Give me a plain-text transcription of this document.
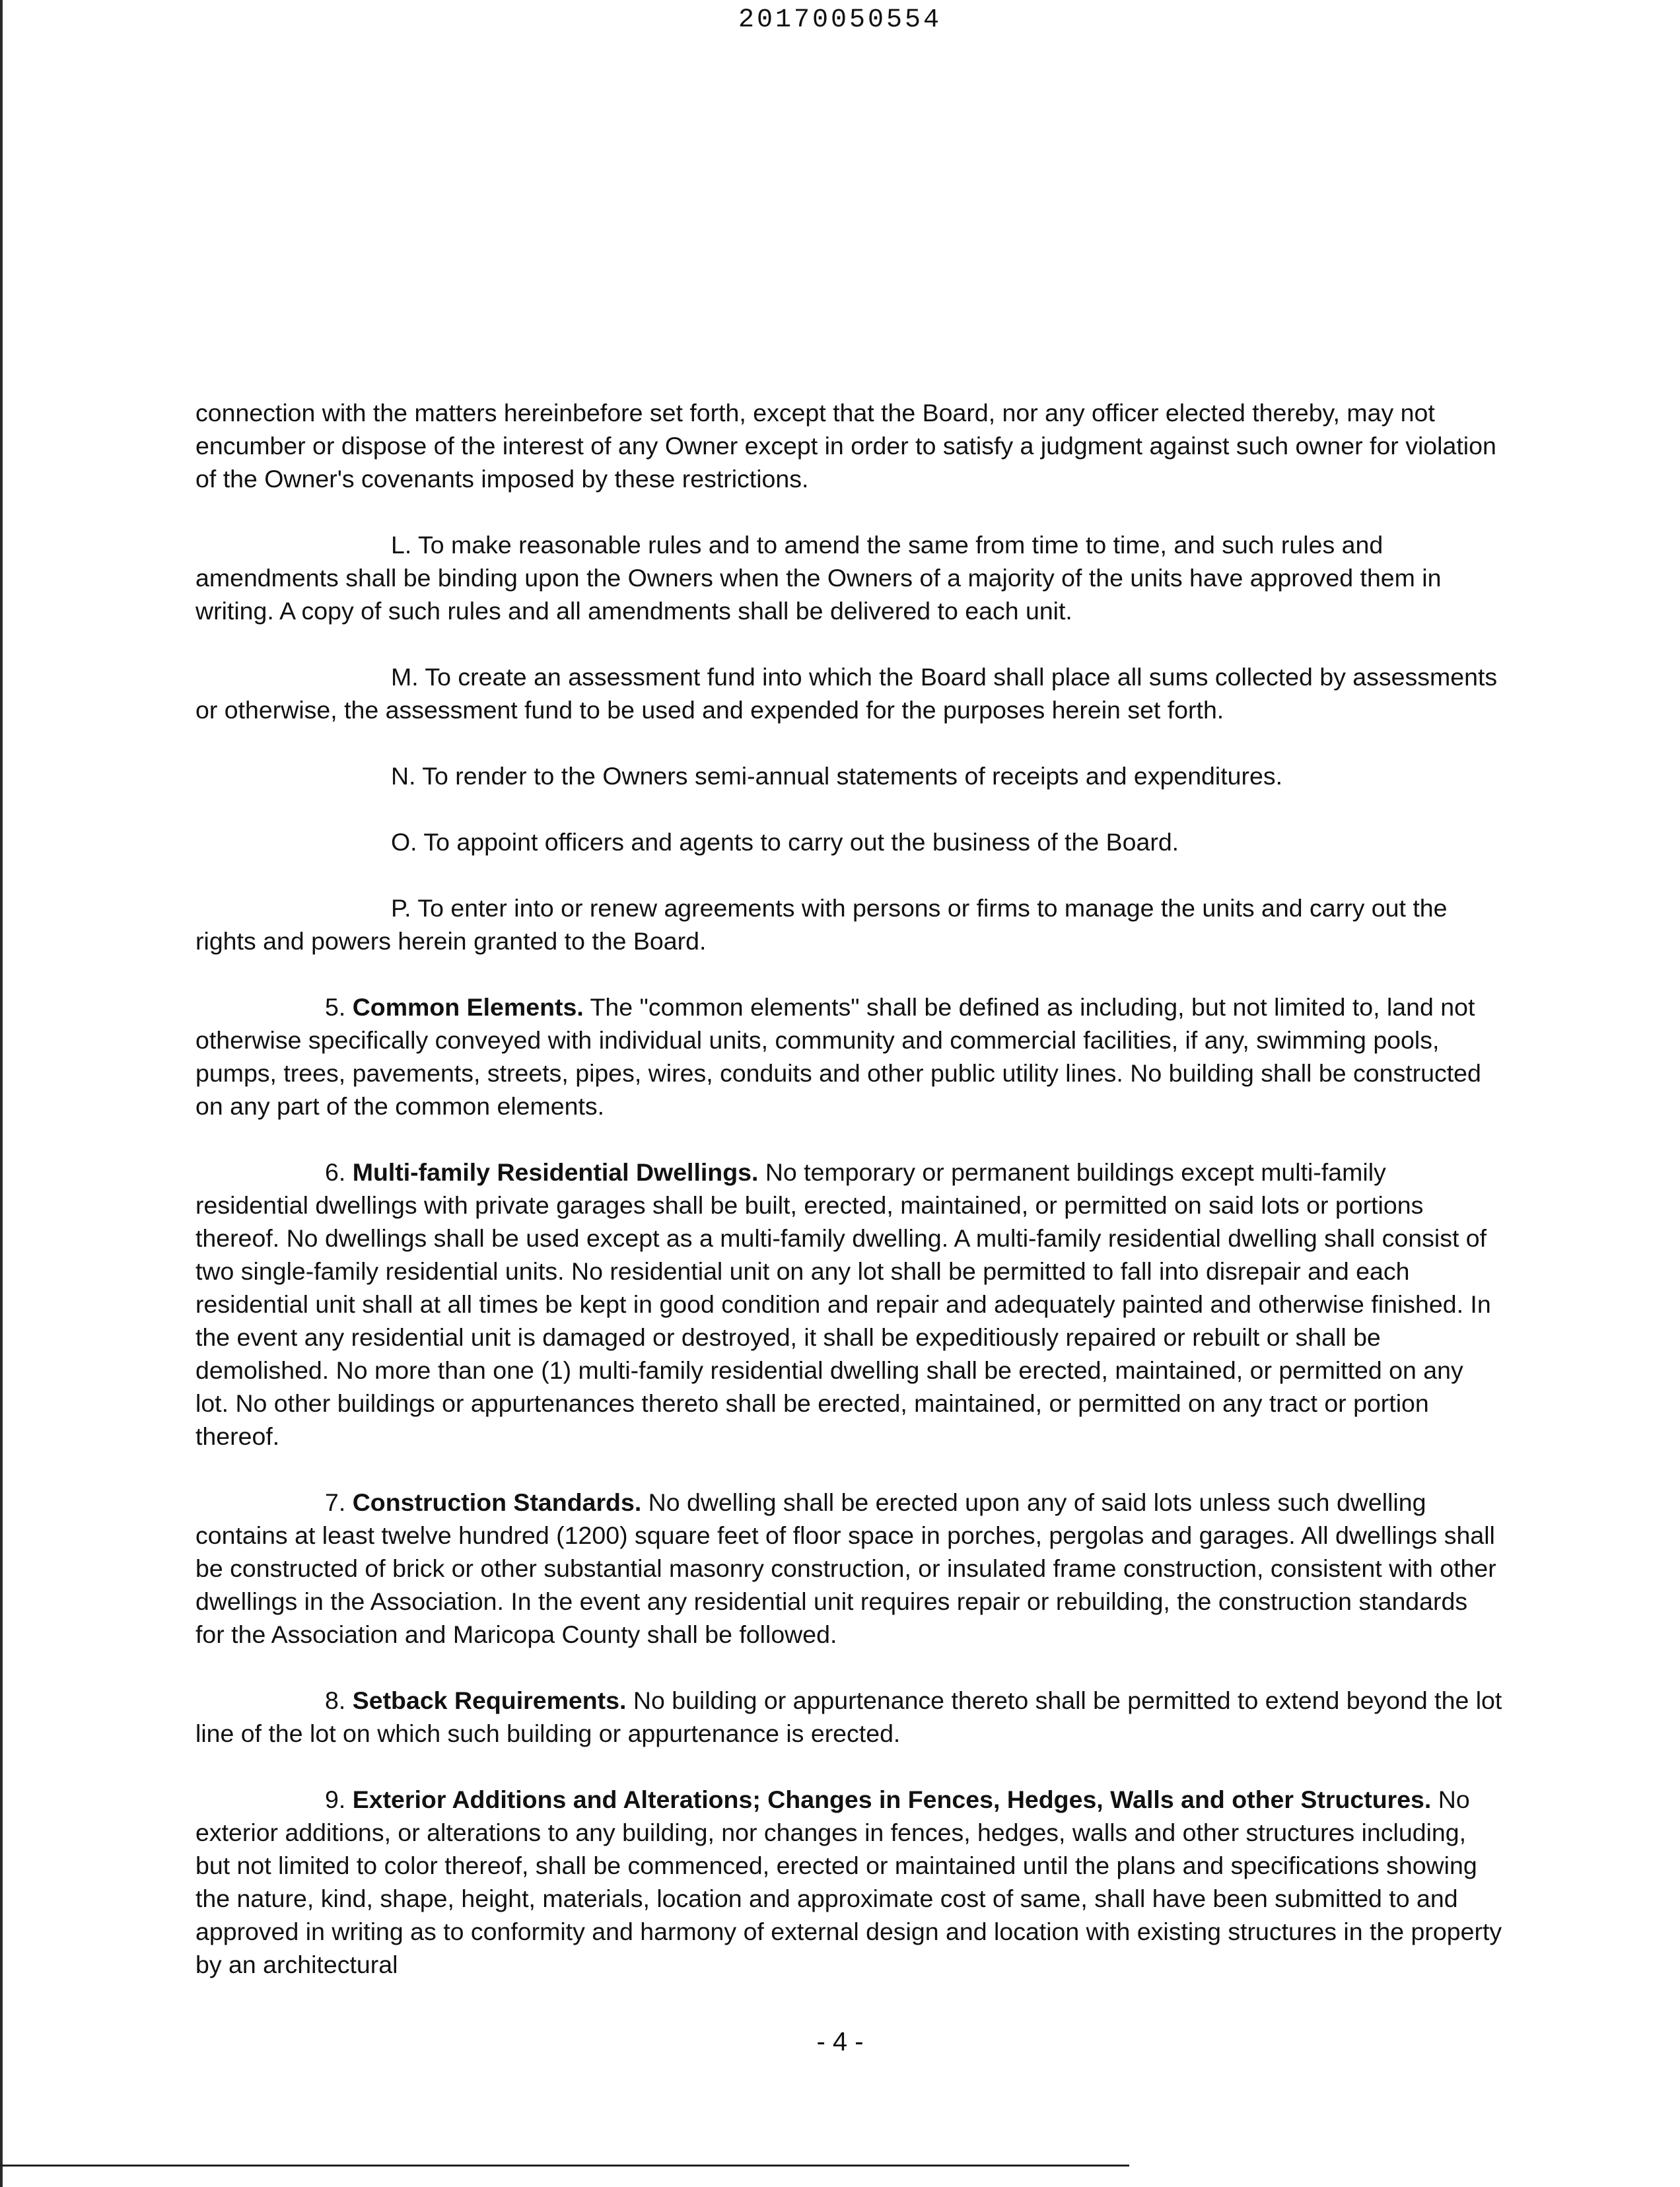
20170050554

connection with the matters hereinbefore set forth, except that the Board, nor any officer elected thereby, may not encumber or dispose of the interest of any Owner except in order to satisfy a judgment against such owner for violation of the Owner's covenants imposed by these restrictions.

L. To make reasonable rules and to amend the same from time to time, and such rules and amendments shall be binding upon the Owners when the Owners of a majority of the units have approved them in writing. A copy of such rules and all amendments shall be delivered to each unit.

M. To create an assessment fund into which the Board shall place all sums collected by assessments or otherwise, the assessment fund to be used and expended for the purposes herein set forth.

N. To render to the Owners semi-annual statements of receipts and expenditures.

O. To appoint officers and agents to carry out the business of the Board.

P. To enter into or renew agreements with persons or firms to manage the units and carry out the rights and powers herein granted to the Board.

5. Common Elements. The "common elements" shall be defined as including, but not limited to, land not otherwise specifically conveyed with individual units, community and commercial facilities, if any, swimming pools, pumps, trees, pavements, streets, pipes, wires, conduits and other public utility lines. No building shall be constructed on any part of the common elements.

6. Multi-family Residential Dwellings. No temporary or permanent buildings except multi-family residential dwellings with private garages shall be built, erected, maintained, or permitted on said lots or portions thereof. No dwellings shall be used except as a multi-family dwelling. A multi-family residential dwelling shall consist of two single-family residential units. No residential unit on any lot shall be permitted to fall into disrepair and each residential unit shall at all times be kept in good condition and repair and adequately painted and otherwise finished. In the event any residential unit is damaged or destroyed, it shall be expeditiously repaired or rebuilt or shall be demolished. No more than one (1) multi-family residential dwelling shall be erected, maintained, or permitted on any lot. No other buildings or appurtenances thereto shall be erected, maintained, or permitted on any tract or portion thereof.

7. Construction Standards. No dwelling shall be erected upon any of said lots unless such dwelling contains at least twelve hundred (1200) square feet of floor space in porches, pergolas and garages. All dwellings shall be constructed of brick or other substantial masonry construction, or insulated frame construction, consistent with other dwellings in the Association. In the event any residential unit requires repair or rebuilding, the construction standards for the Association and Maricopa County shall be followed.

8. Setback Requirements. No building or appurtenance thereto shall be permitted to extend beyond the lot line of the lot on which such building or appurtenance is erected.

9. Exterior Additions and Alterations; Changes in Fences, Hedges, Walls and other Structures. No exterior additions, or alterations to any building, nor changes in fences, hedges, walls and other structures including, but not limited to color thereof, shall be commenced, erected or maintained until the plans and specifications showing the nature, kind, shape, height, materials, location and approximate cost of same, shall have been submitted to and approved in writing as to conformity and harmony of external design and location with existing structures in the property by an architectural

- 4 -
